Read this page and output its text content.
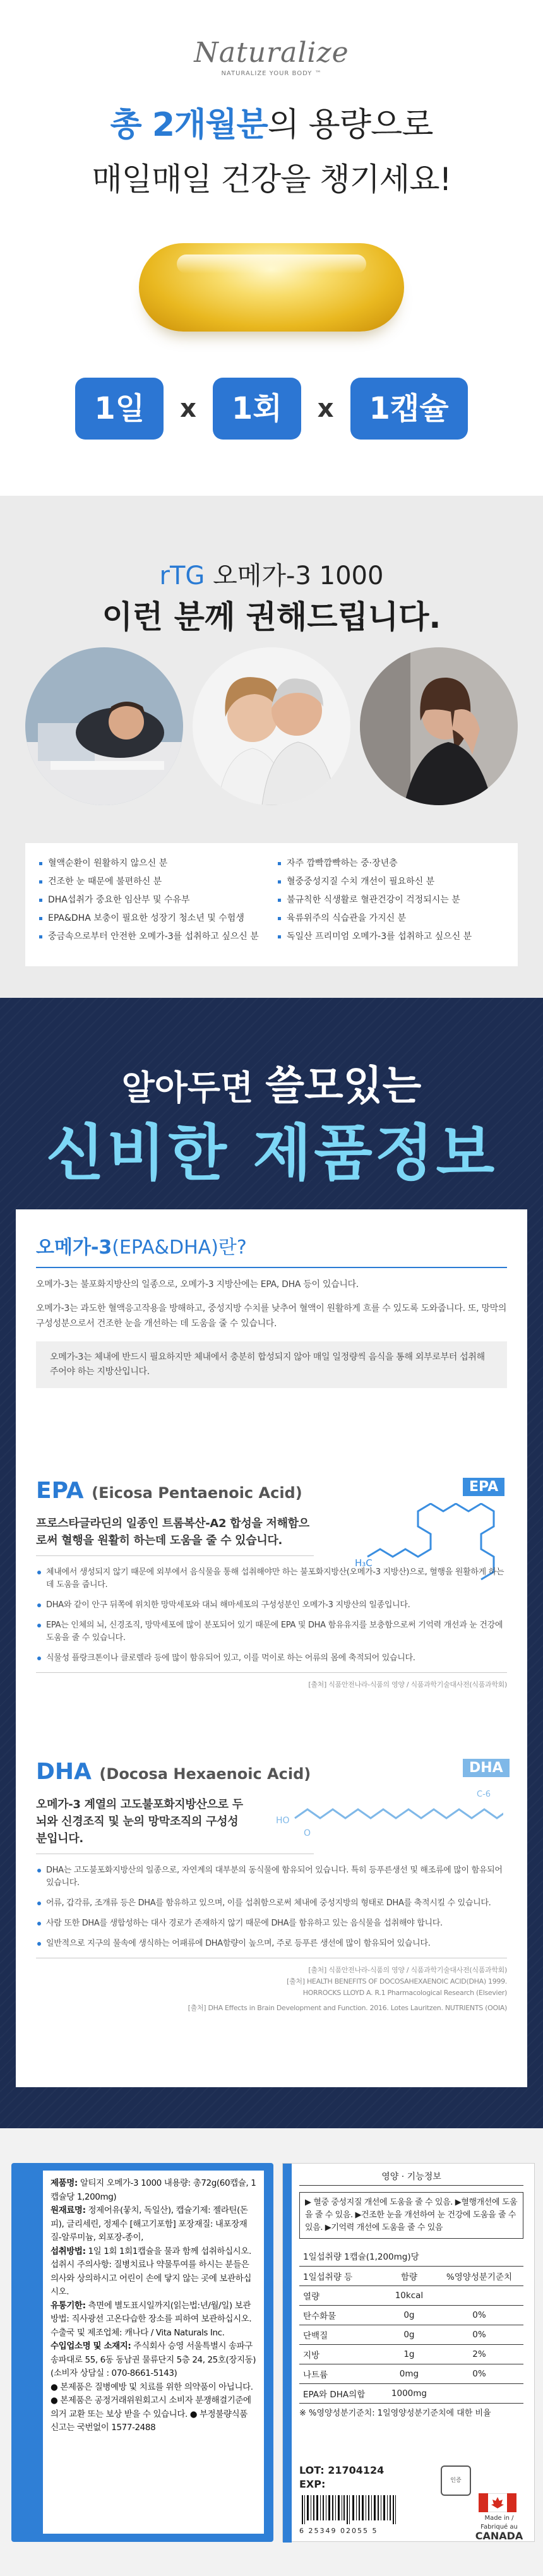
Naturalize
NATURALIZE YOUR BODY ™
총 2개월분의 용량으로
매일매일 건강을 챙기세요!
1일	x	1회	x	1캡슐
rTG 오메가-3 1000
이런 분께 권해드립니다.
혈액순환이 원활하지 않으신 분
건조한 눈 때문에 불편하신 분
DHA섭취가 중요한 임산부 및 수유부
EPA&DHA 보충이 필요한 성장기 청소년 및 수험생
중금속으로부터 안전한 오메가-3를 섭취하고 싶으신 분
자주 깜빡깜빡하는 중·장년층
혈중중성지질 수치 개선이 필요하신 분
불규칙한 식생활로 혈관건강이 걱정되시는 분
육류위주의 식습관을 가지신 분
독일산 프리미엄 오메가-3를 섭취하고 싶으신 분
알아두면 쓸모있는
신비한 제품정보
오메가-3(EPA&DHA)란?

오메가-3는 불포화지방산의 일종으로, 오메가-3 지방산에는 EPA, DHA 등이 있습니다.

오메가-3는 과도한 혈액응고작용을 방해하고, 중성지방 수치를 낮추어 혈액이 원활하게 흐를 수 있도록 도와줍니다. 또, 망막의 구성성분으로서 건조한 눈을 개선하는 데 도움을 줄 수 있습니다.

오메가-3는 체내에 반드시 필요하지만 체내에서 충분히 합성되지 않아 매일 일정량씩 음식을 통해 외부로부터 섭취해주어야 하는 지방산입니다.
EPA (Eicosa Pentaenoic Acid)	EPA
H₃C

프로스타글라딘의 일종인 트롬복산-A2 합성을 저해함으로써 혈행을 원활히 하는데 도움을 줄 수 있습니다.

체내에서 생성되지 않기 때문에 외부에서 음식물을 통해 섭취해야만 하는 불포화지방산(오메가-3 지방산)으로, 혈행을 원활하게 하는 데 도움을 줍니다.
DHA와 같이 안구 뒤쪽에 위치한 망막세포와 대뇌 해마세포의 구성성분인 오메가-3 지방산의 일종입니다.
EPA는 인체의 뇌, 신경조직, 망막세포에 많이 분포되어 있기 때문에 EPA 및 DHA 함유유지를 보충함으로써 기억력 개선과 눈 건강에 도움을 줄 수 있습니다.
식물성 플랑크톤이나 클로렐라 등에 많이 함유되어 있고, 이를 먹이로 하는 어류의 몸에 축적되어 있습니다.
[출처] 식품안전나라-식품의 영양 / 식품과학기술대사전(식품과학회)
DHA (Docosa Hexaenoic Acid)	DHA
HO
O
C-6

오메가-3 계열의 고도불포화지방산으로 두뇌와 신경조직 및 눈의 망막조직의 구성성분입니다.

DHA는 고도불포화지방산의 일종으로, 자연계의 대부분의 동식물에 함유되어 있습니다. 특히 등푸른생선 및 해조류에 많이 함유되어 있습니다.
어류, 갑각류, 조개류 등은 DHA를 함유하고 있으며, 이를 섭취함으로써 체내에 중성지방의 형태로 DHA를 축적시킬 수 있습니다.
사람 또한 DHA를 생합성하는 대사 경로가 존재하지 않기 때문에 DHA를 함유하고 있는 음식물을 섭취해야 합니다.
일반적으로 지구의 물속에 생식하는 어패류에 DHA함량이 높으며, 주로 등푸른 생선에 많이 함유되어 있습니다.
[출처] 식품안전나라-식품의 영양 / 식품과학기술대사전(식품과학회)
[출처] HEALTH BENEFITS OF DOCOSAHEXAENOIC ACID(DHA) 1999.
HORROCKS LLOYD A. R.1 Pharmacological Research (Elsevier)
[출처] DHA Effects in Brain Development and Function. 2016. Lotes Lauritzen. NUTRIENTS (OOIA)

제품명: 알티지 오메가-3 1000 내용량: 총72g(60캡슐, 1캡슐당 1,200mg)

원재료명: 정제어유(뭏치, 독일산), 캡슐기제: 젤라틴(돈피), 글리세린, 정제수 [해고기포함] 포장재질: 내포장재질-알루미늄, 외포장-종이,

섭취방법: 1일 1회 1회1캡슐을 물과 함께 섭취하십시오. 섭취시 주의사항: 질병치료나 약물투여를 하시는 분들은 의사와 상의하시고 어린이 손에 닿지 않는 곳에 보관하십시오.

유통기한: 측면에 별도표시일까지(읽는법:년/월/일) 보관방법: 직사광선 고온다습한 장소를 피하여 보관하십시오. 수출국 및 제조업체: 캐나다 / Vita Naturals Inc.

수입업소명 및 소재지: 주식회사 승영 서울특별시 송파구 송파대로 55, 6동 동남권 물류단지 5층 24, 25호(장지동) (소비자 상담실 : 070-8661-5143)

● 본제품은 질병예방 및 치료를 위한 의약품이 아닙니다. ● 본제품은 공정거래위원회고시 소비자 분쟁해결기준에 의거 교환 또는 보상 받을 수 있습니다. ● 부정불량식품 신고는 국번없이 1577-2488

영양 · 기능정보
▶ 혈중 중성지질 개선에 도움을 줄 수 있음. ▶혈행개선에 도움을 줄 수 있음. ▶건조한 눈을 개선하여 눈 건강에 도움을 줄 수 있음. ▶기억력 개선에 도움을 줄 수 있음
1일섭취량 1캡슐(1,200mg)당		
1일섭취량 등	함량	%영양성분기준치
열량	10kcal	
탄수화물	0g	0%
단백질	0g	0%
지방	1g	2%
나트륨	0mg	0%
EPA와 DHA의합	1000mg	
※ %영양성분기준치: 1일영양성분기준치에 대한 비율
LOT: 21704124
EXP:
6 25349 02055 5
인증
Made in / Fabriqué au
CANADA
